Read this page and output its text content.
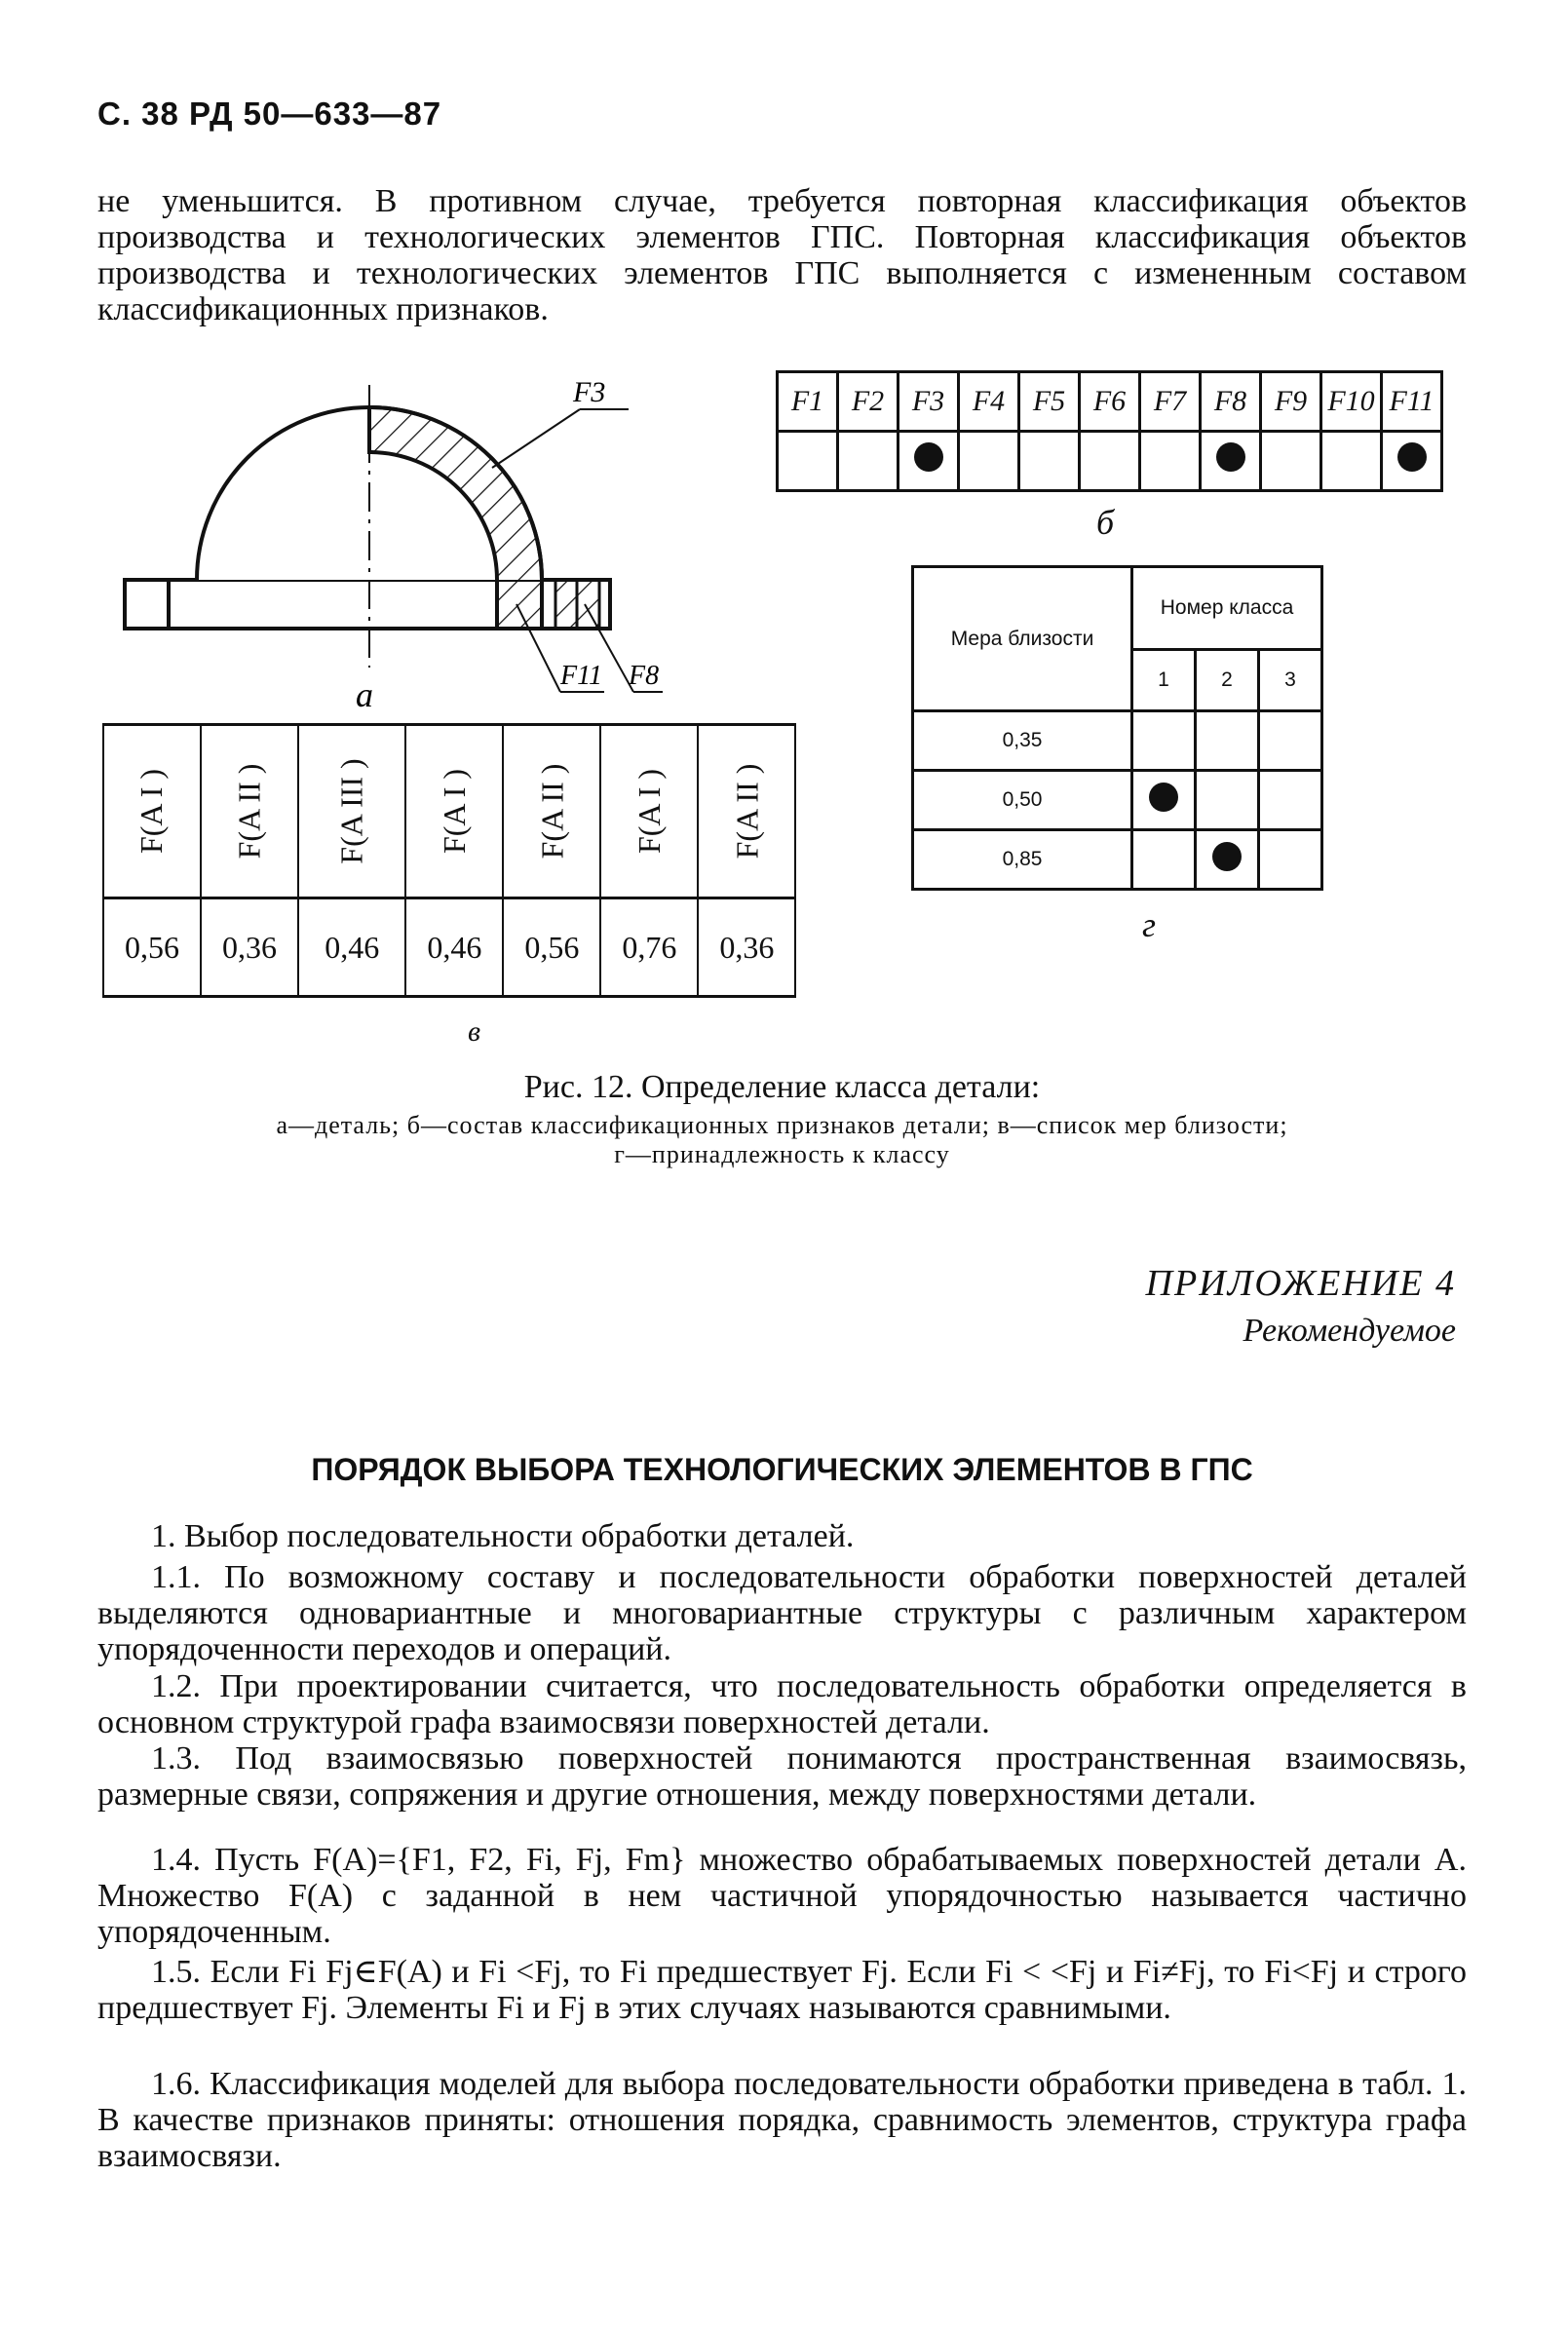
С. 38 РД 50—633—87
не уменьшится. В противном случае, требуется повторная классификация объектов производства и технологических элементов ГПС. Повторная классификация объектов производства и технологических элементов ГПС выполняется с измененным составом классификационных признаков.
F3
F11 F8
а
F1	F2	F3	F4	F5	F6	F7	F8	F9	F10	F11

б
Мера близости	Номер класса		
	1	2	3
0,35			
0,50			
0,85			
г
F(A I )	F(A II )	F(A III )	F(A I )	F(A II )	F(A I )	F(A II )
0,56	0,36	0,46	0,46	0,56	0,76	0,36
в
Рис. 12. Определение класса детали:
а—деталь; б—состав классификационных признаков детали; в—список мер близости;
г—принадлежность к классу
ПРИЛОЖЕНИЕ 4
Рекомендуемое
ПОРЯДОК ВЫБОРА ТЕХНОЛОГИЧЕСКИХ ЭЛЕМЕНТОВ В ГПС
1. Выбор последовательности обработки деталей.
1.1. По возможному составу и последовательности обработки поверхностей деталей выделяются одновариантные и многовариантные структуры с различным характером упорядоченности переходов и операций.
1.2. При проектировании считается, что последовательность обработки определяется в основном структурой графа взаимосвязи поверхностей детали.
1.3. Под взаимосвязью поверхностей понимаются пространственная взаимосвязь, размерные связи, сопряжения и другие отношения, между поверхностями детали.
1.4. Пусть F(A)={F1, F2, Fi, Fj, Fm} множество обрабатываемых поверхностей детали A. Множество F(A) с заданной в нем частичной упорядочностью называется частично упорядоченным.
1.5. Если Fi Fj∈F(A) и Fi <Fj, то Fi предшествует Fj. Если Fi < <Fj и Fi≠Fj, то Fi<Fj и строго предшествует Fj. Элементы Fi и Fj в этих случаях называются сравнимыми.
1.6. Классификация моделей для выбора последовательности обработки приведена в табл. 1. В качестве признаков приняты: отношения порядка, сравнимость элементов, структура графа взаимосвязи.
